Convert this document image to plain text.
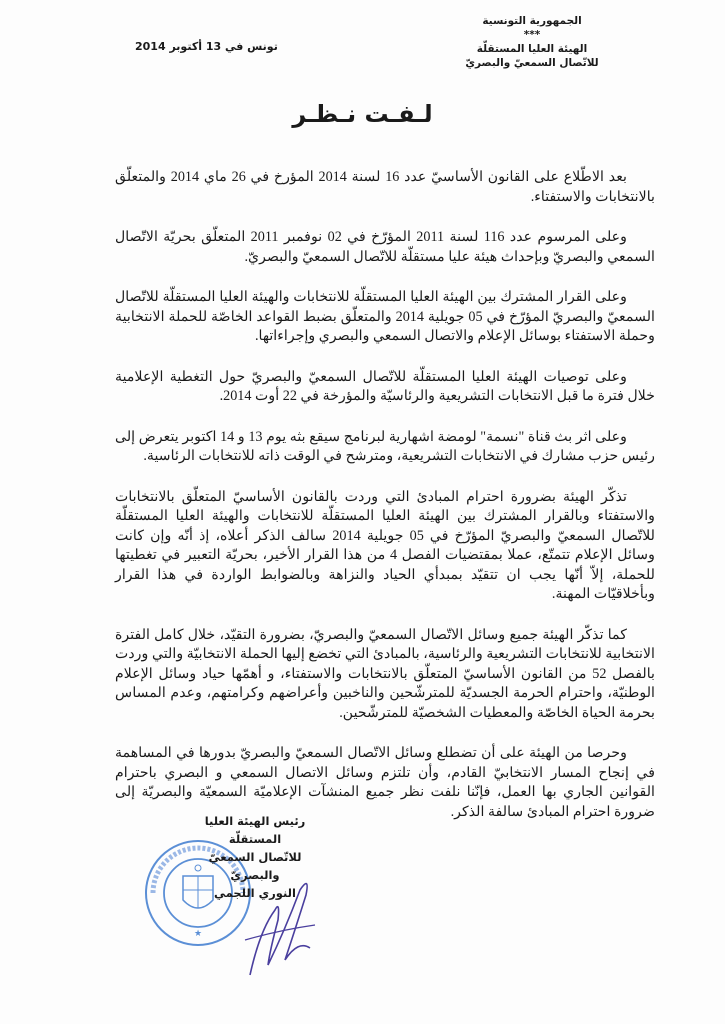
الجمهورية التونسية
***
الهيئة العليا المستقلّة
للاتّصال السمعيّ والبصريّ
تونس في 13 أكتوبر 2014
لـفـت نـظـر

بعد الاطّلاع على القانون الأساسيّ عدد 16 لسنة 2014 المؤرخ في 26 ماي 2014 والمتعلّق بالانتخابات والاستفتاء.

وعلى المرسوم عدد 116 لسنة 2011 المؤرّخ في 02 نوفمبر 2011 المتعلّق بحريّة الاتّصال السمعي والبصريّ وبإحداث هيئة عليا مستقلّة للاتّصال السمعيّ والبصريّ.

وعلى القرار المشترك بين الهيئة العليا المستقلّة للانتخابات والهيئة العليا المستقلّة للاتّصال السمعيّ والبصريّ المؤرّخ في 05 جويلية 2014 والمتعلّق بضبط القواعد الخاصّة للحملة الانتخابية وحملة الاستفتاء بوسائل الإعلام والاتصال السمعي والبصري وإجراءاتها.

وعلى توصيات الهيئة العليا المستقلّة للاتّصال السمعيّ والبصريّ حول التغطية الإعلامية خلال فترة ما قبل الانتخابات التشريعية والرئاسيّة والمؤرخة في 22 أوت 2014.

وعلى اثر بث قناة "نسمة" لومضة اشهارية لبرنامج سيقع بثه يوم 13 و 14 اكتوبر يتعرض إلى رئيس حزب مشارك في الانتخابات التشريعية، ومترشح في الوقت ذاته للانتخابات الرئاسية.

تذكّر الهيئة بضرورة احترام المبادئ التي وردت بالقانون الأساسيّ المتعلّق بالانتخابات والاستفتاء وبالقرار المشترك بين الهيئة العليا المستقلّة للانتخابات والهيئة العليا المستقلّة للاتّصال السمعيّ والبصريّ المؤرّخ في 05 جويلية 2014 سالف الذكر أعلاه، إذ أنّه وإن كانت وسائل الإعلام تتمتّع، عملا بمقتضيات الفصل 4 من هذا القرار الأخير، بحريّة التعبير في تغطيتها للحملة، إلاّ أنّها يجب ان تتقيّد بمبدأي الحياد والنزاهة وبالضوابط الواردة في هذا القرار وبأخلاقيّات المهنة.

كما تذكّر الهيئة جميع وسائل الاتّصال السمعيّ والبصريّ، بضرورة التقيّد، خلال كامل الفترة الانتخابية للانتخابات التشريعية والرئاسية، بالمبادئ التي تخضع إليها الحملة الانتخابيّة والتي وردت بالفصل 52 من القانون الأساسيّ المتعلّق بالانتخابات والاستفتاء، و أهمّها حياد وسائل الإعلام الوطنيّة، واحترام الحرمة الجسديّة للمترشّحين والناخبين وأعراضهم وكرامتهم، وعدم المساس بحرمة الحياة الخاصّة والمعطيات الشخصيّة للمترشّحين.

وحرصا من الهيئة على أن تضطلع وسائل الاتّصال السمعيّ والبصريّ بدورها في المساهمة في إنجاح المسار الانتخابيّ القادم، وأن تلتزم وسائل الاتصال السمعي و البصري باحترام القوانين الجاري بها العمل، فإنّنا نلفت نظر جميع المنشآت الإعلاميّة السمعيّة والبصريّة إلى ضرورة احترام المبادئ سالفة الذكر.

★
رئيس الهيئة العليا المستقلّة
للاتّصال السمعيّ والبصريّ
النوري اللجمي
